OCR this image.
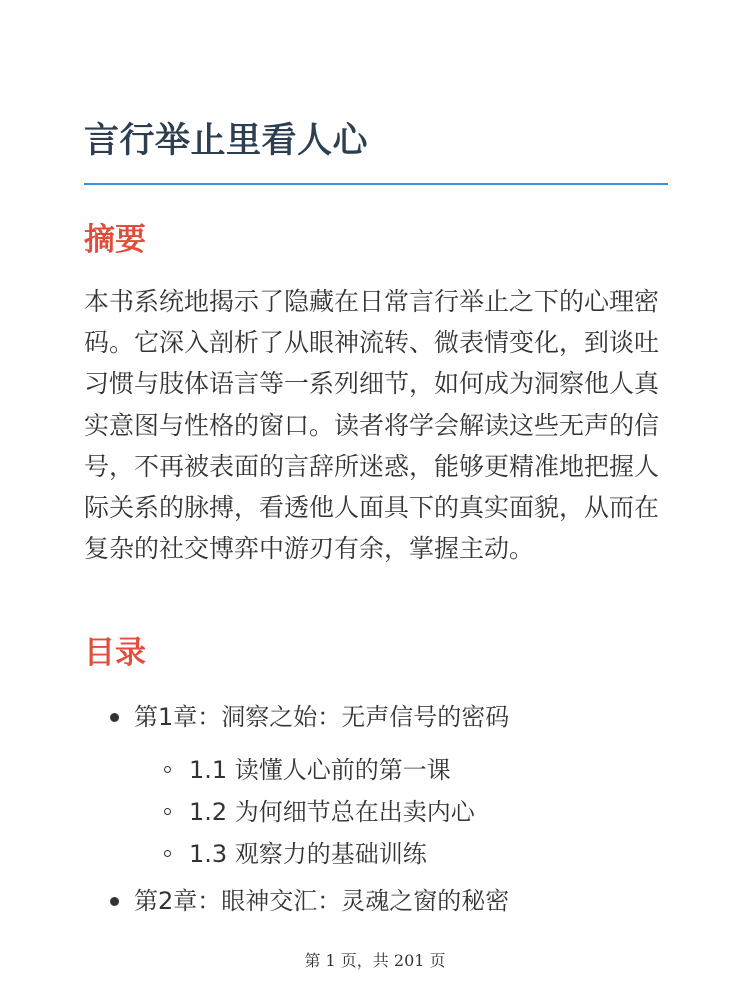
言行举止里看人心
摘要

本书系统地揭示了隐藏在日常言行举止之下的心理密码。它深入剖析了从眼神流转、微表情变化，到谈吐习惯与肢体语言等一系列细节，如何成为洞察他人真实意图与性格的窗口。读者将学会解读这些无声的信号，不再被表面的言辞所迷惑，能够更精准地把握人际关系的脉搏，看透他人面具下的真实面貌，从而在复杂的社交博弈中游刃有余，掌握主动。

目录
第1章：洞察之始：无声信号的密码
1.1 读懂人心前的第一课
1.2 为何细节总在出卖内心
1.3 观察力的基础训练
第2章：眼神交汇：灵魂之窗的秘密
第 1 页，共 201 页
